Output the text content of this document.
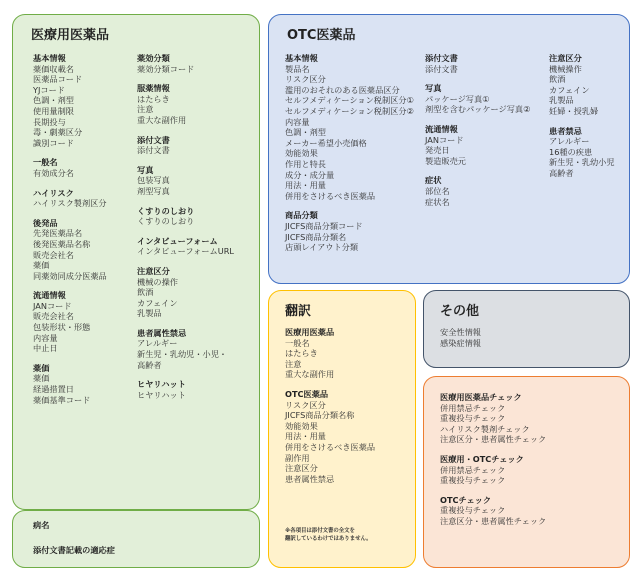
医療用医薬品
基本情報
薬価収載名
医薬品コード
YJコード
色調・剤型
使用量制限
長期投与
毒・劇薬区分
識別コード
一般名
有効成分名
ハイリスク
ハイリスク製剤区分
後発品
先発医薬品名
後発医薬品名称
販売会社名
薬価
同薬効同成分医薬品
流通情報
JANコード
販売会社名
包装形状・形態
内容量
中止日
薬価
薬価
経過措置日
薬価基準コード
薬効分類
薬効分類コード
服薬情報
はたらき
注意
重大な副作用
添付文書
添付文書
写真
包装写真
剤型写真
くすりのしおり
くすりのしおり
インタビューフォーム
インタビューフォームURL
注意区分
機械の操作
飲酒
カフェイン
乳製品
患者属性禁忌
アレルギー
新生児・乳幼児・小児・
高齢者
ヒヤリハット
ヒヤリハット
病名
添付文書記載の適応症
OTC医薬品
基本情報
製品名
リスク区分
濫用のおそれのある医薬品区分
セルフメディケーション税制区分①
セルフメディケーション税制区分②
内容量
色調・剤型
メーカー希望小売価格
効能効果
作用と特長
成分・成分量
用法・用量
併用をさけるべき医薬品
商品分類
JICFS商品分類コード
JICFS商品分類名
店頭レイアウト分類
添付文書
添付文書
写真
パッケージ写真①
剤型を含むパッケージ写真②
流通情報
JANコード
発売日
製造販売元
症状
部位名
症状名
注意区分
機械操作
飲酒
カフェイン
乳製品
妊婦・授乳婦
患者禁忌
アレルギー
16種の疾患
新生児・乳幼小児
高齢者
翻訳
医療用医薬品
一般名
はたらき
注意
重大な副作用
OTC医薬品
リスク区分
JICFS商品分類名称
効能効果
用法・用量
併用をさけるべき医薬品
副作用
注意区分
患者属性禁忌
※各項目は添付文書の全文を
翻訳しているわけではありません。
その他
安全性情報
感染症情報
医療用医薬品チェック
併用禁忌チェック
重複投与チェック
ハイリスク製剤チェック
注意区分・患者属性チェック
医療用・OTCチェック
併用禁忌チェック
重複投与チェック
OTCチェック
重複投与チェック
注意区分・患者属性チェック
